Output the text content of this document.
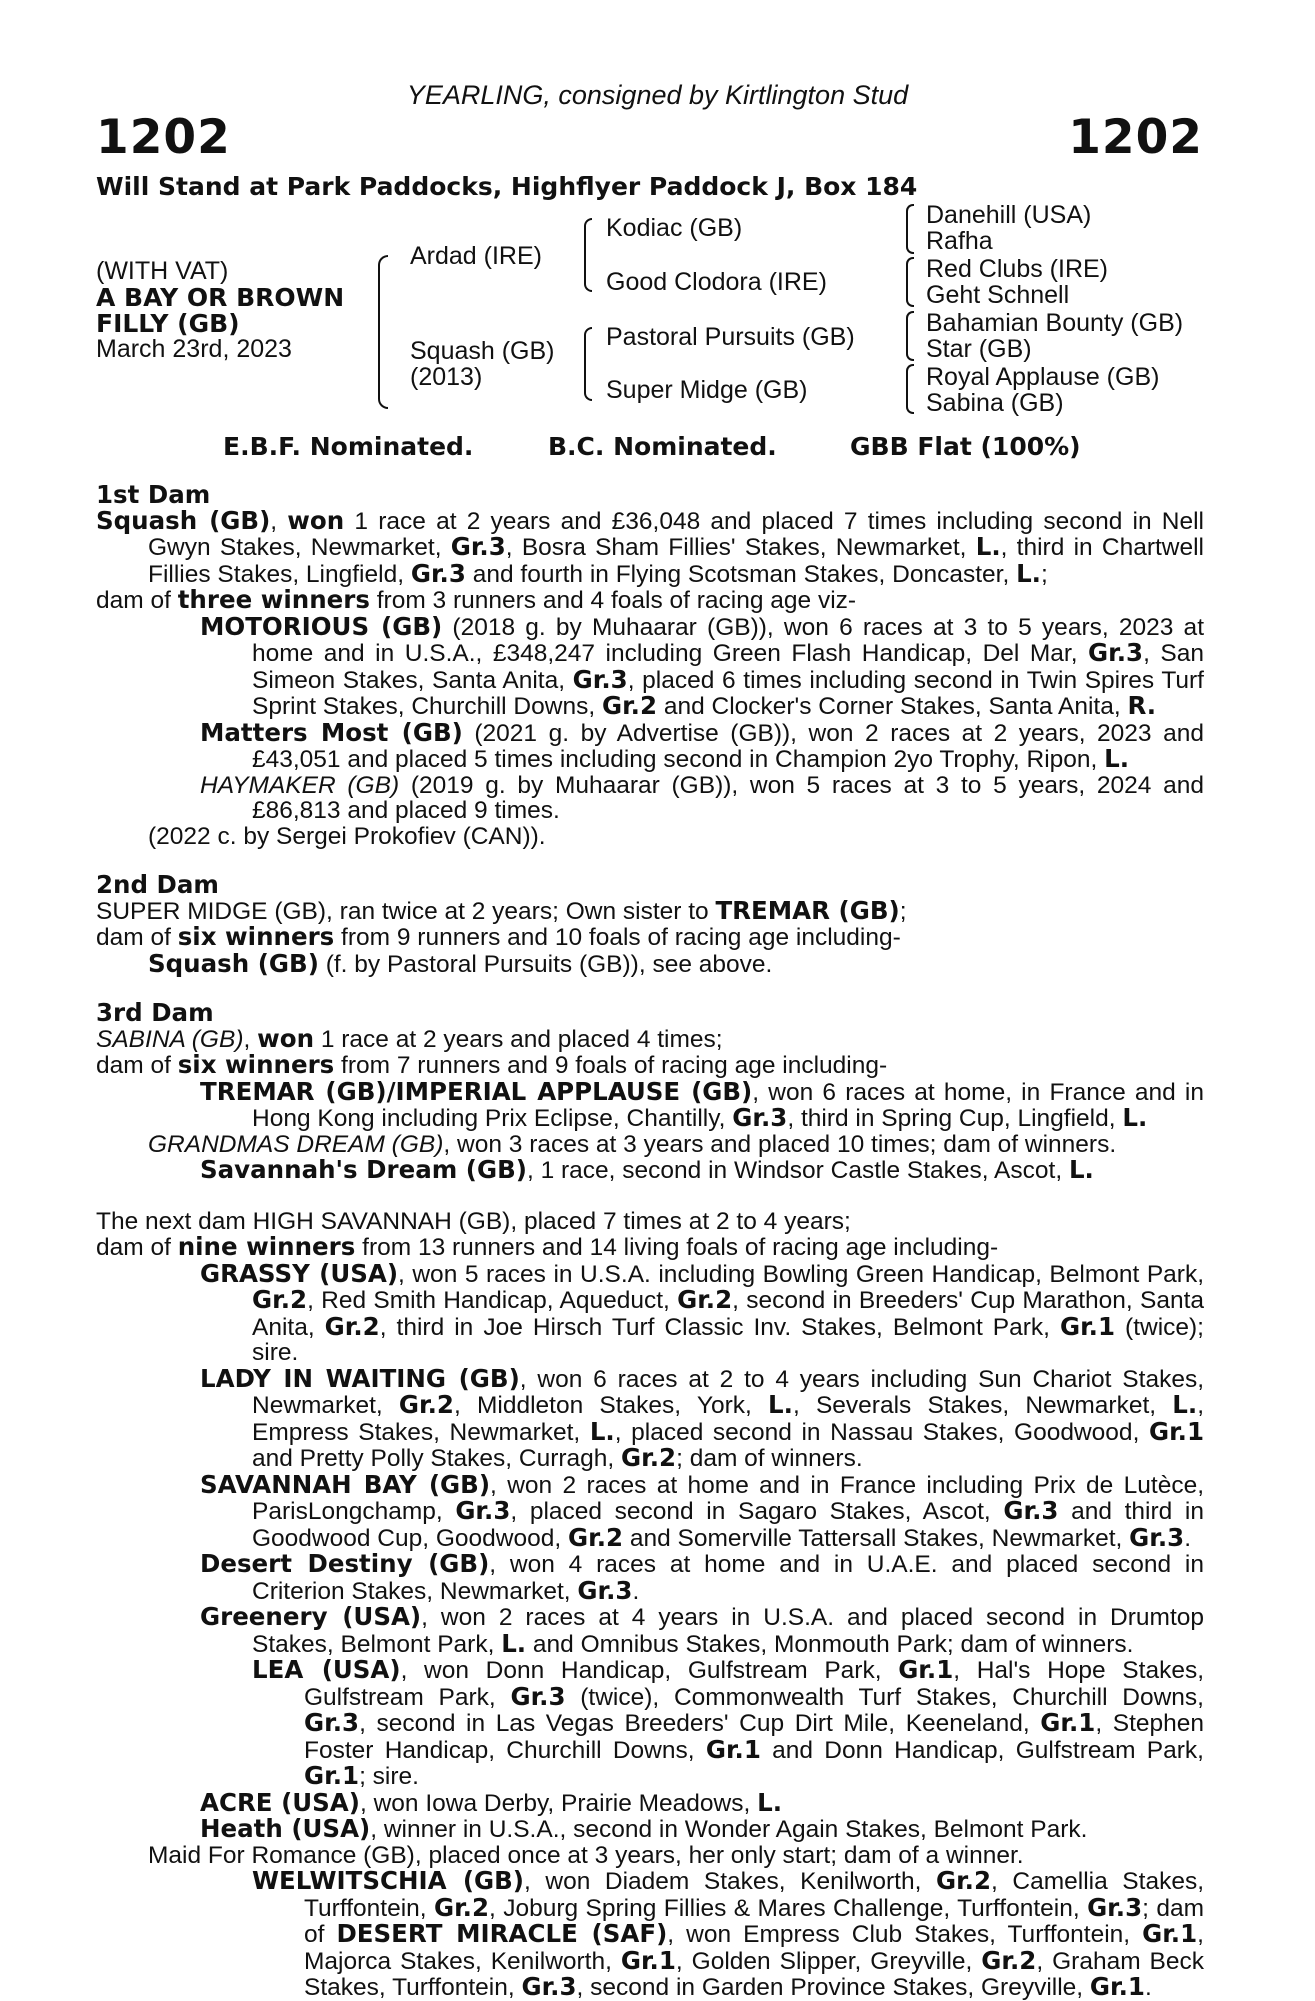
YEARLING, consigned by Kirtlington Stud
1202	1202
Will Stand at Park Paddocks, Highflyer Paddock J, Box 184
(WITH VAT)
A BAY OR BROWN
FILLY (GB)
March 23rd, 2023
Ardad (IRE)
Squash (GB)
(2013)
Kodiac (GB)
Good Clodora (IRE)
Pastoral Pursuits (GB)
Super Midge (GB)
Danehill (USA)
Rafha
Red Clubs (IRE)
Geht Schnell
Bahamian Bounty (GB)
Star (GB)
Royal Applause (GB)
Sabina (GB)
E.B.F. Nominated.	B.C. Nominated.	GBB Flat (100%)
1st Dam
Squash (GB), won 1 race at 2 years and £36,048 and placed 7 times including second in Nell Gwyn Stakes, Newmarket, Gr.3, Bosra Sham Fillies' Stakes, Newmarket, L., third in Chartwell Fillies Stakes, Lingfield, Gr.3 and fourth in Flying Scotsman Stakes, Doncaster, L.;
dam of three winners from 3 runners and 4 foals of racing age viz-
MOTORIOUS (GB) (2018 g. by Muhaarar (GB)), won 6 races at 3 to 5 years, 2023 at home and in U.S.A., £348,247 including Green Flash Handicap, Del Mar, Gr.3, San Simeon Stakes, Santa Anita, Gr.3, placed 6 times including second in Twin Spires Turf Sprint Stakes, Churchill Downs, Gr.2 and Clocker's Corner Stakes, Santa Anita, R.
Matters Most (GB) (2021 g. by Advertise (GB)), won 2 races at 2 years, 2023 and £43,051 and placed 5 times including second in Champion 2yo Trophy, Ripon, L.
HAYMAKER (GB) (2019 g. by Muhaarar (GB)), won 5 races at 3 to 5 years, 2024 and £86,813 and placed 9 times.
(2022 c. by Sergei Prokofiev (CAN)).
2nd Dam
SUPER MIDGE (GB), ran twice at 2 years; Own sister to TREMAR (GB);
dam of six winners from 9 runners and 10 foals of racing age including-
Squash (GB) (f. by Pastoral Pursuits (GB)), see above.
3rd Dam
SABINA (GB), won 1 race at 2 years and placed 4 times;
dam of six winners from 7 runners and 9 foals of racing age including-
TREMAR (GB)/IMPERIAL APPLAUSE (GB), won 6 races at home, in France and in Hong Kong including Prix Eclipse, Chantilly, Gr.3, third in Spring Cup, Lingfield, L.
GRANDMAS DREAM (GB), won 3 races at 3 years and placed 10 times; dam of winners.
Savannah's Dream (GB), 1 race, second in Windsor Castle Stakes, Ascot, L.
The next dam HIGH SAVANNAH (GB), placed 7 times at 2 to 4 years;
dam of nine winners from 13 runners and 14 living foals of racing age including-
GRASSY (USA), won 5 races in U.S.A. including Bowling Green Handicap, Belmont Park, Gr.2, Red Smith Handicap, Aqueduct, Gr.2, second in Breeders' Cup Marathon, Santa Anita, Gr.2, third in Joe Hirsch Turf Classic Inv. Stakes, Belmont Park, Gr.1 (twice); sire.
LADY IN WAITING (GB), won 6 races at 2 to 4 years including Sun Chariot Stakes, Newmarket, Gr.2, Middleton Stakes, York, L., Severals Stakes, Newmarket, L., Empress Stakes, Newmarket, L., placed second in Nassau Stakes, Goodwood, Gr.1 and Pretty Polly Stakes, Curragh, Gr.2; dam of winners.
SAVANNAH BAY (GB), won 2 races at home and in France including Prix de Lutèce, ParisLongchamp, Gr.3, placed second in Sagaro Stakes, Ascot, Gr.3 and third in Goodwood Cup, Goodwood, Gr.2 and Somerville Tattersall Stakes, Newmarket, Gr.3.
Desert Destiny (GB), won 4 races at home and in U.A.E. and placed second in Criterion Stakes, Newmarket, Gr.3.
Greenery (USA), won 2 races at 4 years in U.S.A. and placed second in Drumtop Stakes, Belmont Park, L. and Omnibus Stakes, Monmouth Park; dam of winners.
LEA (USA), won Donn Handicap, Gulfstream Park, Gr.1, Hal's Hope Stakes, Gulfstream Park, Gr.3 (twice), Commonwealth Turf Stakes, Churchill Downs, Gr.3, second in Las Vegas Breeders' Cup Dirt Mile, Keeneland, Gr.1, Stephen Foster Handicap, Churchill Downs, Gr.1 and Donn Handicap, Gulfstream Park, Gr.1; sire.
ACRE (USA), won Iowa Derby, Prairie Meadows, L.
Heath (USA), winner in U.S.A., second in Wonder Again Stakes, Belmont Park.
Maid For Romance (GB), placed once at 3 years, her only start; dam of a winner.
WELWITSCHIA (GB), won Diadem Stakes, Kenilworth, Gr.2, Camellia Stakes, Turffontein, Gr.2, Joburg Spring Fillies & Mares Challenge, Turffontein, Gr.3; dam of DESERT MIRACLE (SAF), won Empress Club Stakes, Turffontein, Gr.1, Majorca Stakes, Kenilworth, Gr.1, Golden Slipper, Greyville, Gr.2, Graham Beck Stakes, Turffontein, Gr.3, second in Garden Province Stakes, Greyville, Gr.1.
